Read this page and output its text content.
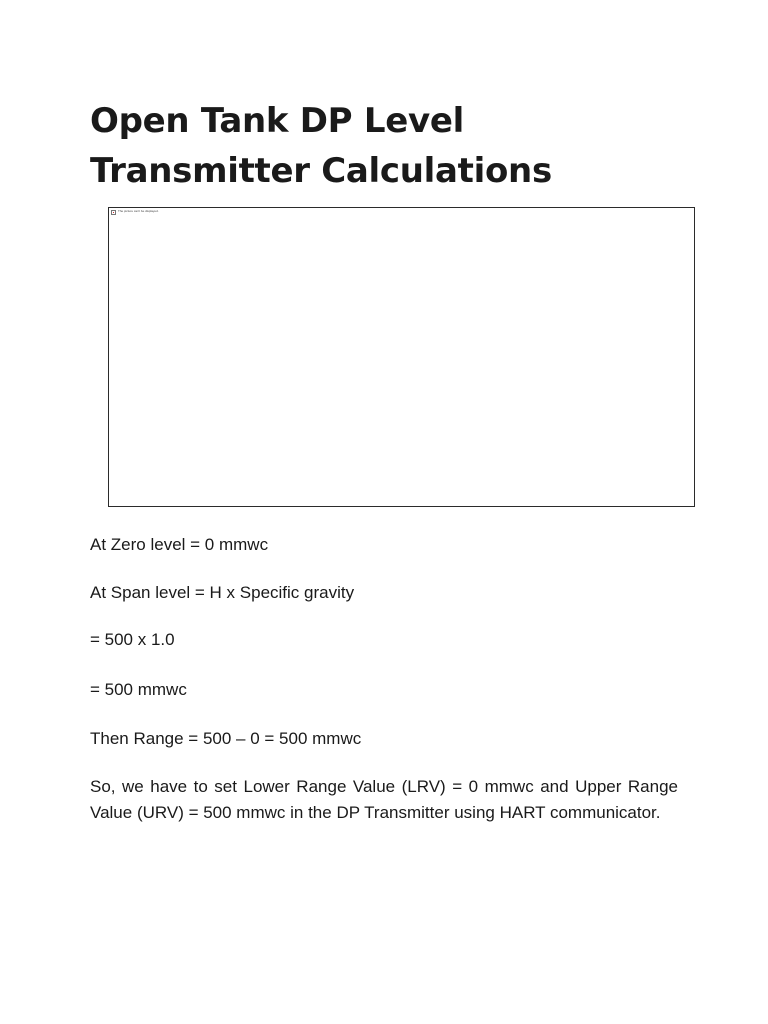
Open Tank DP Level Transmitter Calculations
The picture can't be displayed.

At Zero level = 0 mmwc

At Span level = H x Specific gravity

= 500 x 1.0

= 500 mmwc

Then Range = 500 – 0 = 500 mmwc

So, we have to set Lower Range Value (LRV) = 0 mmwc and Upper Range Value (URV) = 500 mmwc in the DP Transmitter using HART communicator.
